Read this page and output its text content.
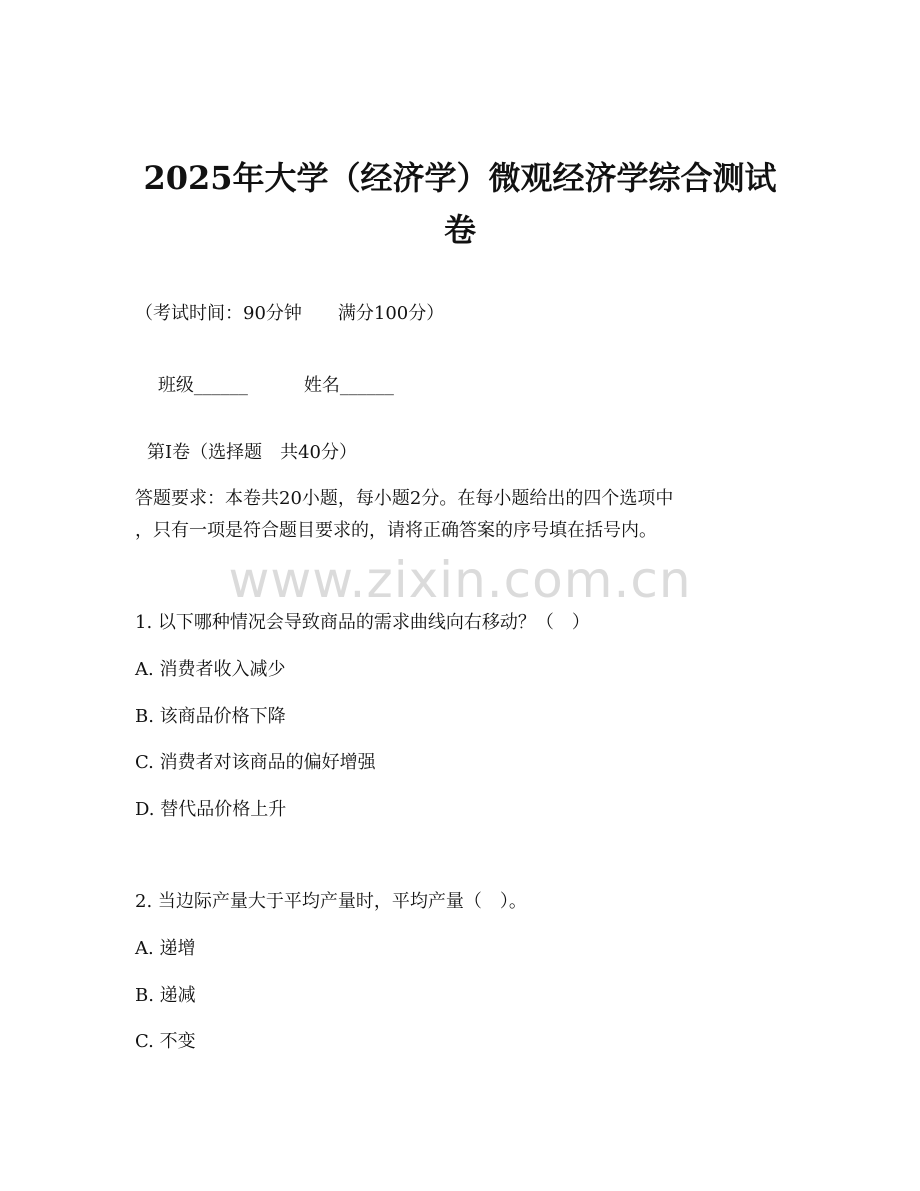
2025年大学（经济学）微观经济学综合测试
卷

（考试时间：90分钟　　满分100分）

班级______	姓名______

第Ⅰ卷（选择题　共40分）

答题要求：本卷共20小题，每小题2分。在每小题给出的四个选项中

，只有一项是符合题目要求的，请将正确答案的序号填在括号内。

www.zixin.com.cn

1. 以下哪种情况会导致商品的需求曲线向右移动？（　）

A. 消费者收入减少

B. 该商品价格下降

C. 消费者对该商品的偏好增强

D. 替代品价格上升

2. 当边际产量大于平均产量时，平均产量（　）。

A. 递增

B. 递减

C. 不变
